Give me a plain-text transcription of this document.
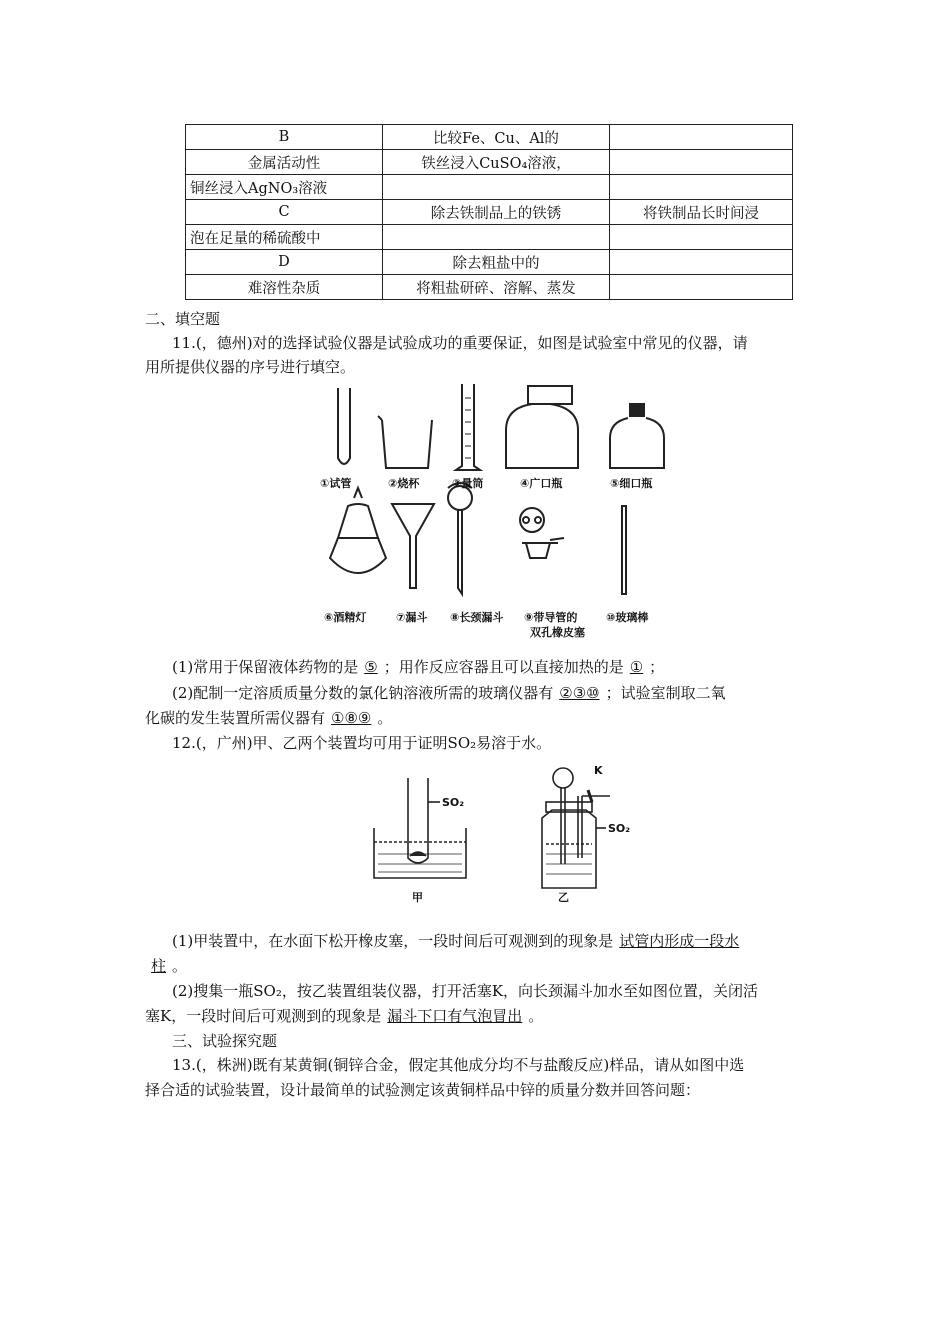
B	比较Fe、Cu、Al的	
金属活动性	铁丝浸入CuSO₄溶液，	
铜丝浸入AgNO₃溶液		
C	除去铁制品上的铁锈	将铁制品长时间浸
泡在足量的稀硫酸中		
D	除去粗盐中的	
难溶性杂质	将粗盐研碎、溶解、蒸发	
二、填空题
11.(，德州)对的选择试验仪器是试验成功的重要保证，如图是试验室中常见的仪器，请
用所提供仪器的序号进行填空。
①试管	②烧杯	③量筒	④广口瓶	⑤细口瓶
⑥酒精灯	⑦漏斗 ⑧长颈漏斗 ⑨带导管的
双孔橡皮塞
⑩玻璃棒
(1)常用于保留液体药物的是 ⑤ ；用作反应容器且可以直接加热的是 ① ；
(2)配制一定溶质质量分数的氯化钠溶液所需的玻璃仪器有 ②③⑩ ；试验室制取二氧
化碳的发生装置所需仪器有 ①⑧⑨ 。
12.(，广州)甲、乙两个装置均可用于证明SO₂易溶于水。
SO₂
K
SO₂
甲	乙
(1)甲装置中，在水面下松开橡皮塞，一段时间后可观测到的现象是 试管内形成一段水
柱 。
(2)搜集一瓶SO₂，按乙装置组装仪器，打开活塞K，向长颈漏斗加水至如图位置，关闭活
塞K，一段时间后可观测到的现象是 漏斗下口有气泡冒出 。
三、试验探究题
13.(，株洲)既有某黄铜(铜锌合金，假定其他成分均不与盐酸反应)样品，请从如图中选
择合适的试验装置，设计最简单的试验测定该黄铜样品中锌的质量分数并回答问题：
